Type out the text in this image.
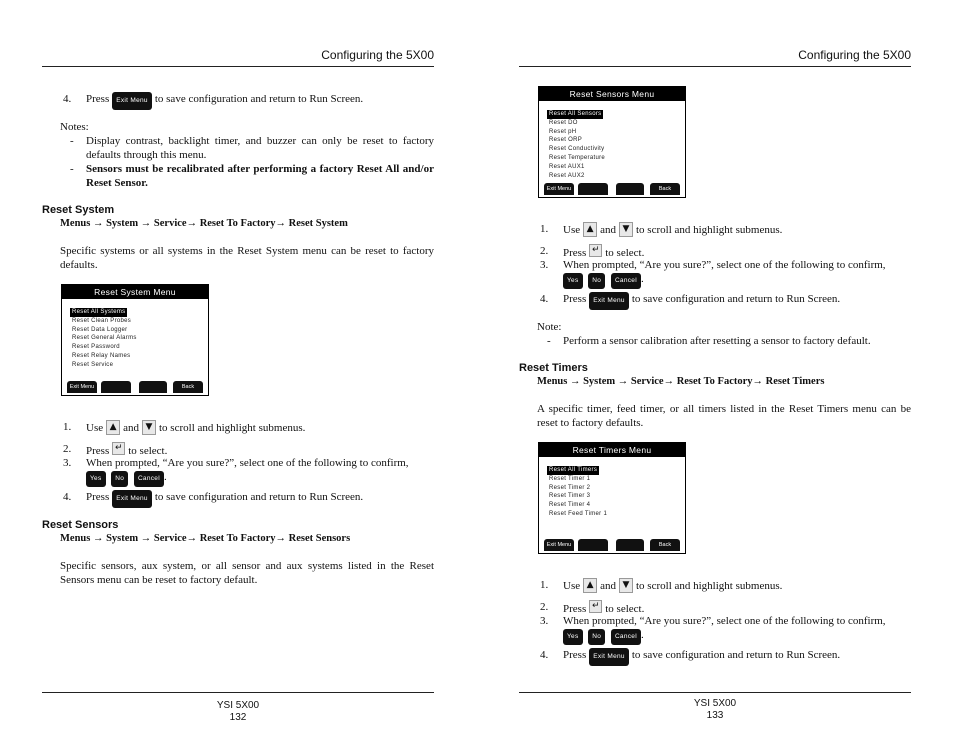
Configuring the 5X00
4. Press Exit Menu to save configuration and return to Run Screen.
Notes:
- Display contrast, backlight timer, and buzzer can only be reset to factory defaults through this menu.
- Sensors must be recalibrated after performing a factory Reset All and/or Reset Sensor.
Reset System
Menus → System → Service→ Reset To Factory→ Reset System
Specific systems or all systems in the Reset System menu can be reset to factory defaults.
Reset System Menu
Reset All Systems
Reset Clean Probes
Reset Data Logger
Reset General Alarms
Reset Password
Reset Relay Names
Reset Service
Exit Menu	Back
1. Use ▲ and ▼ to scroll and highlight submenus.
2. Press ↵ to select.
3. When prompted, “Are you sure?”, select one of the following to confirm,
Yes No Cancel .
4. Press Exit Menu to save configuration and return to Run Screen.
Reset Sensors
Menus → System → Service→ Reset To Factory→ Reset Sensors
Specific sensors, aux system, or all sensor and aux systems listed in the Reset Sensors menu can be reset to factory default.
YSI 5X00
132
Configuring the 5X00
Reset Sensors Menu
Reset All Sensors
Reset DO
Reset pH
Reset ORP
Reset Conductivity
Reset Temperature
Reset AUX1
Reset AUX2
Exit Menu	Back
1. Use ▲ and ▼ to scroll and highlight submenus.
2. Press ↵ to select.
3. When prompted, “Are you sure?”, select one of the following to confirm,
Yes No Cancel .
4. Press Exit Menu to save configuration and return to Run Screen.
Note:
- Perform a sensor calibration after resetting a sensor to factory default.
Reset Timers
Menus → System → Service→ Reset To Factory→ Reset Timers
A specific timer, feed timer, or all timers listed in the Reset Timers menu can be reset to factory defaults.
Reset Timers Menu
Reset All Timers
Reset Timer 1
Reset Timer 2
Reset Timer 3
Reset Timer 4
Reset Feed Timer 1
Exit Menu	Back
1. Use ▲ and ▼ to scroll and highlight submenus.
2. Press ↵ to select.
3. When prompted, “Are you sure?”, select one of the following to confirm,
Yes No Cancel .
4. Press Exit Menu to save configuration and return to Run Screen.
YSI 5X00
133
